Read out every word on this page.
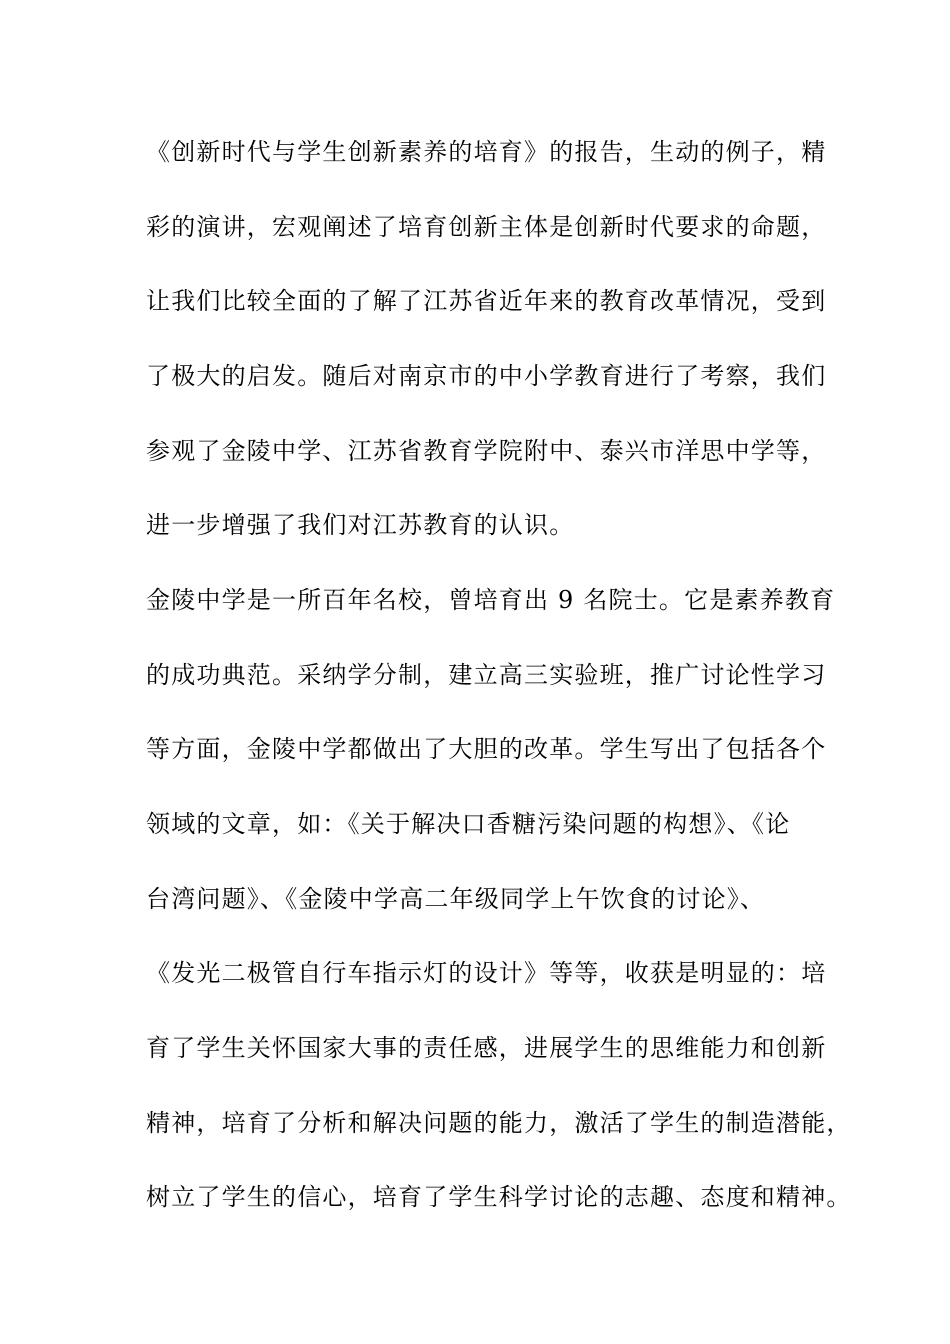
《创新时代与学生创新素养的培育》的报告，生动的例子，精
彩的演讲，宏观阐述了培育创新主体是创新时代要求的命题，
让我们比较全面的了解了江苏省近年来的教育改革情况，受到
了极大的启发。随后对南京市的中小学教育进行了考察，我们
参观了金陵中学、江苏省教育学院附中、泰兴市洋思中学等，
进一步增强了我们对江苏教育的认识。
金陵中学是一所百年名校，曾培育出 9 名院士。它是素养教育
的成功典范。采纳学分制，建立高三实验班，推广讨论性学习
等方面，金陵中学都做出了大胆的改革。学生写出了包括各个
领域的文章，如：《关于解决口香糖污染问题的构想》、《论
台湾问题》、《金陵中学高二年级同学上午饮食的讨论》、
《发光二极管自行车指示灯的设计》等等，收获是明显的：培
育了学生关怀国家大事的责任感，进展学生的思维能力和创新
精神，培育了分析和解决问题的能力，激活了学生的制造潜能，
树立了学生的信心，培育了学生科学讨论的志趣、态度和精神。
